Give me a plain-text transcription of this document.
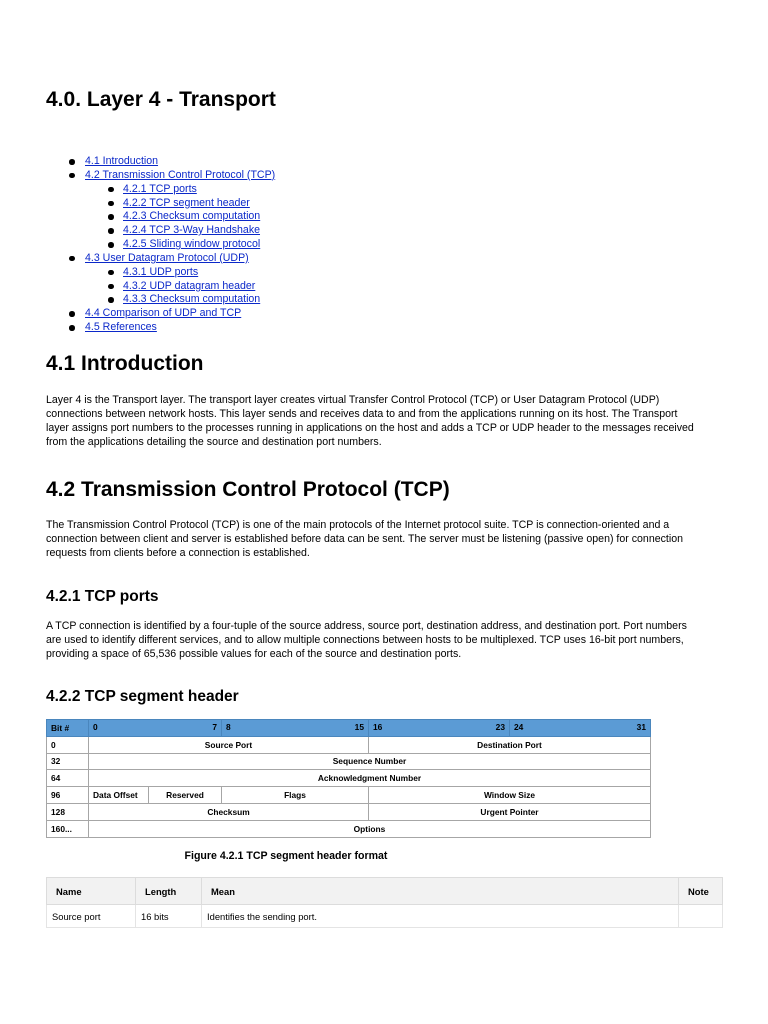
4.0. Layer 4 - Transport
4.1 Introduction
4.2 Transmission Control Protocol (TCP)
4.2.1 TCP ports
4.2.2 TCP segment header
4.2.3 Checksum computation
4.2.4 TCP 3-Way Handshake
4.2.5 Sliding window protocol
4.3 User Datagram Protocol (UDP)
4.3.1 UDP ports
4.3.2 UDP datagram header
4.3.3 Checksum computation
4.4 Comparison of UDP and TCP
4.5 References
4.1 Introduction
Layer 4 is the Transport layer. The transport layer creates virtual Transfer Control Protocol (TCP) or User Datagram Protocol (UDP)
connections between network hosts. This layer sends and receives data to and from the applications running on its host. The Transport
layer assigns port numbers to the processes running in applications on the host and adds a TCP or UDP header to the messages received
from the applications detailing the source and destination port numbers.
4.2 Transmission Control Protocol (TCP)
The Transmission Control Protocol (TCP) is one of the main protocols of the Internet protocol suite. TCP is connection-oriented and a
connection between client and server is established before data can be sent. The server must be listening (passive open) for connection
requests from clients before a connection is established.
4.2.1 TCP ports
A TCP connection is identified by a four-tuple of the source address, source port, destination address, and destination port. Port numbers
are used to identify different services, and to allow multiple connections between hosts to be multiplexed. TCP uses 16-bit port numbers,
providing a space of 65,536 possible values for each of the source and destination ports.
4.2.2 TCP segment header
Bit #	0 7		8 15	16 23	24 31

0	Source Port			Destination Port	
32	Sequence Number				
64	Acknowledgment Number				
96	Data Offset	Reserved	Flags	Window Size	
128	Checksum			Urgent Pointer	
160...	Options				
Figure 4.2.1 TCP segment header format
Name	Length	Mean	Note
Source port	16 bits	Identifies the sending port.	
